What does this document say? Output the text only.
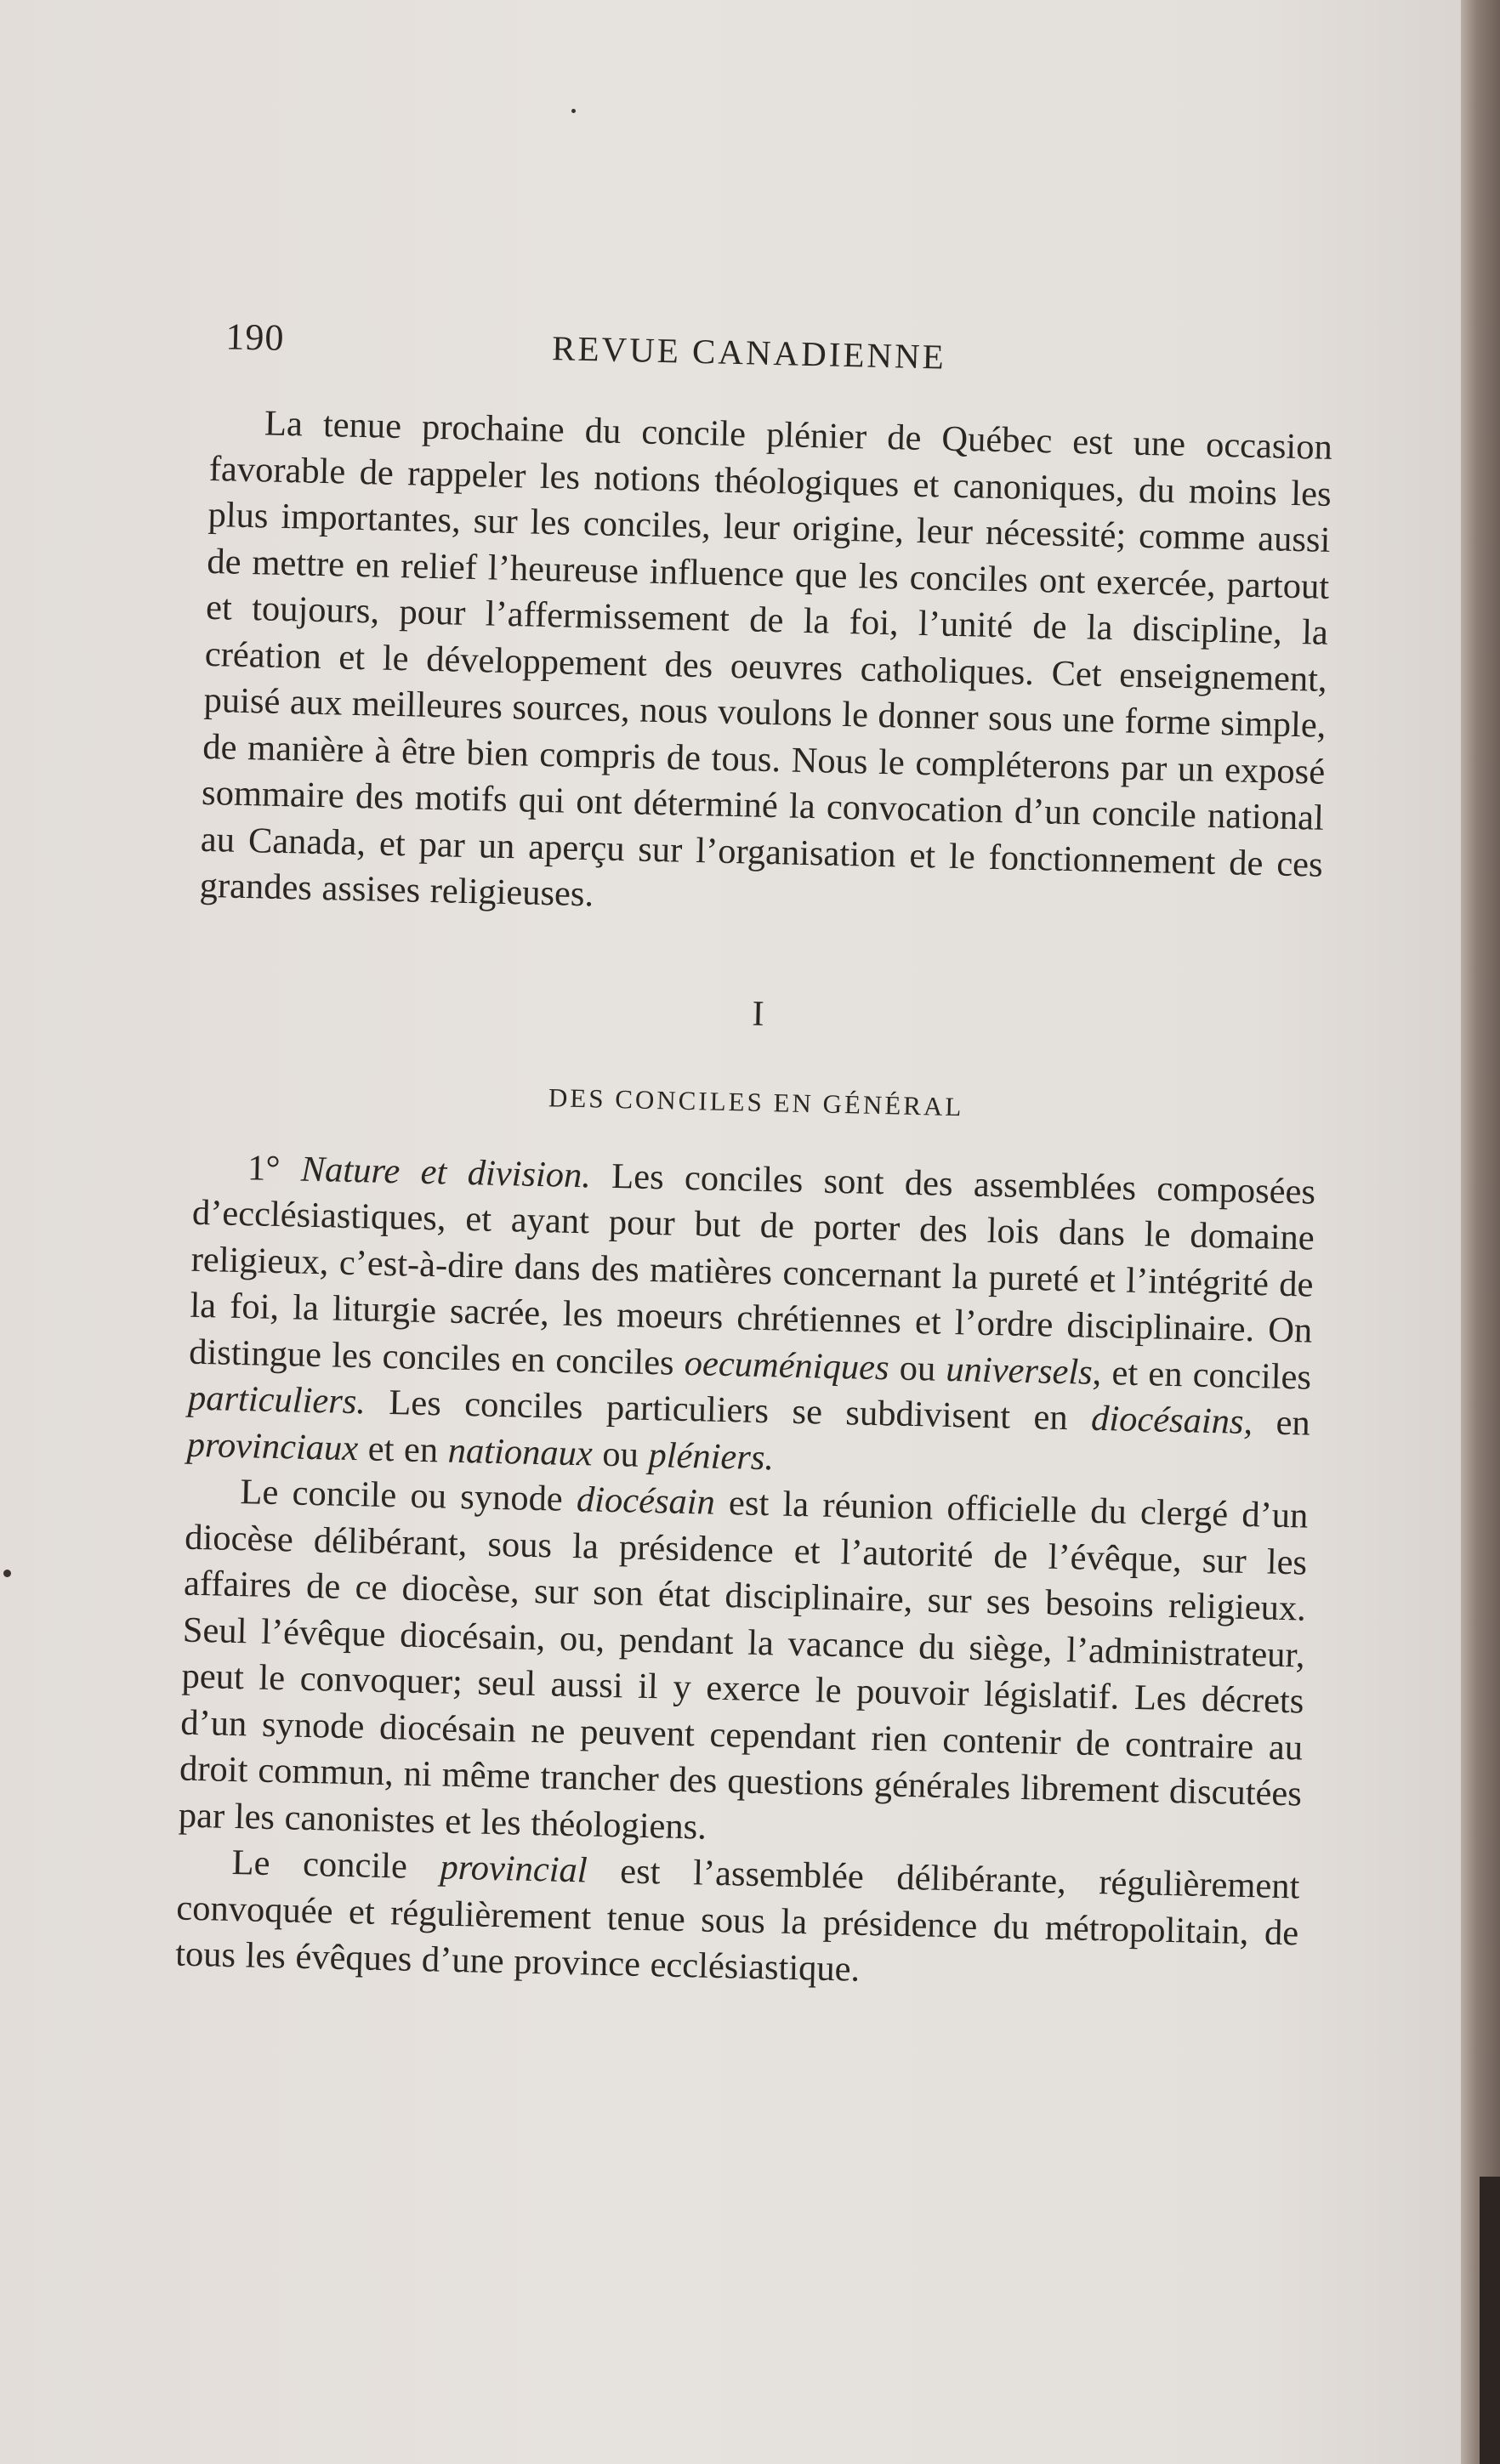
190	REVUE CANADIENNE

La tenue prochaine du concile plénier de Québec est une occasion favorable de rappeler les notions théologiques et canoniques, du moins les plus importantes, sur les conciles, leur origine, leur nécessité; comme aussi de mettre en relief l’heureuse influence que les conciles ont exercée, partout et toujours, pour l’affermissement de la foi, l’unité de la discipline, la création et le développement des oeuvres catholiques. Cet enseignement, puisé aux meilleures sources, nous voulons le donner sous une forme simple, de manière à être bien compris de tous. Nous le compléterons par un exposé sommaire des motifs qui ont déterminé la convocation d’un concile national au Canada, et par un aperçu sur l’organisation et le fonctionnement de ces grandes assises religieuses.

I
DES CONCILES EN GÉNÉRAL

1° Nature et division. Les conciles sont des assemblées composées d’ecclésiastiques, et ayant pour but de porter des lois dans le domaine religieux, c’est-à-dire dans des matières concernant la pureté et l’intégrité de la foi, la liturgie sacrée, les moeurs chrétiennes et l’ordre disciplinaire. On distingue les conciles en conciles oecuméniques ou universels, et en conciles particuliers. Les conciles particuliers se subdivisent en diocésains, en provinciaux et en nationaux ou pléniers.

Le concile ou synode diocésain est la réunion officielle du clergé d’un diocèse délibérant, sous la présidence et l’autorité de l’évêque, sur les affaires de ce diocèse, sur son état disciplinaire, sur ses besoins religieux. Seul l’évêque diocésain, ou, pendant la vacance du siège, l’administrateur, peut le convoquer; seul aussi il y exerce le pouvoir législatif. Les décrets d’un synode diocésain ne peuvent cependant rien contenir de contraire au droit commun, ni même trancher des questions générales librement discutées par les canonistes et les théologiens.

Le concile provincial est l’assemblée délibérante, régulièrement convoquée et régulièrement tenue sous la présidence du métropolitain, de tous les évêques d’une province ecclésiastique.
